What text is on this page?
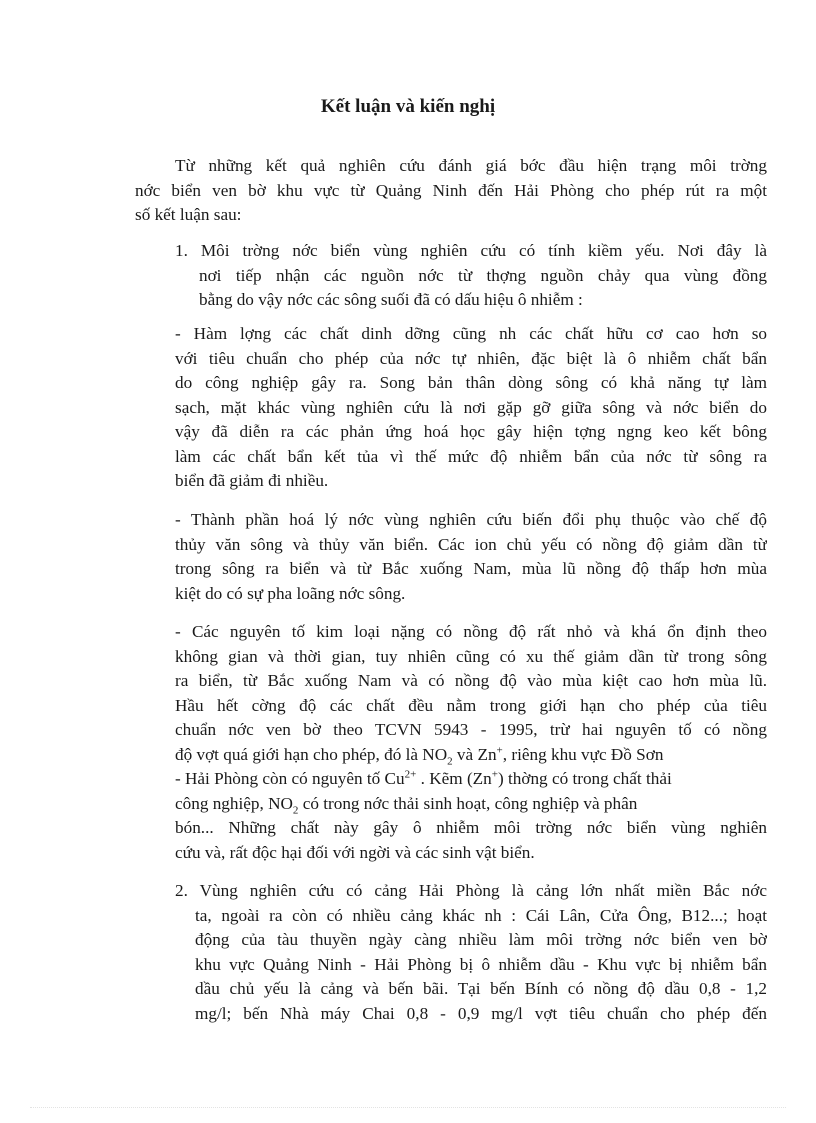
Kết luận và kiến nghị
Từ những kết quả nghiên cứu đánh giá bớc đầu hiện trạng môi trờng
nớc biển ven bờ khu vực từ Quảng Ninh đến Hải Phòng cho phép rút ra một
số kết luận sau:
1. Môi trờng nớc biển vùng nghiên cứu có tính kiềm yếu. Nơi đây là
nơi tiếp nhận các nguồn nớc từ thợng nguồn chảy qua vùng đồng
bằng do vậy nớc các sông suối đã có dấu hiệu ô nhiễm :
- Hàm lợng các chất dinh dỡng cũng nh các chất hữu cơ cao hơn so
với tiêu chuẩn cho phép của nớc tự nhiên, đặc biệt là ô nhiễm chất bẩn
do công nghiệp gây ra. Song bản thân dòng sông có khả năng tự làm
sạch, mặt khác vùng nghiên cứu là nơi gặp gỡ giữa sông và nớc biển do
vậy đã diễn ra các phản ứng hoá học gây hiện tợng ngng keo kết bông
làm các chất bẩn kết tủa vì thế mức độ nhiễm bẩn của nớc từ sông ra
biển đã giảm đi nhiều.
- Thành phần hoá lý nớc vùng nghiên cứu biến đổi phụ thuộc vào chế độ
thủy văn sông và thủy văn biển. Các ion chủ yếu có nồng độ giảm dần từ
trong sông ra biển và từ Bắc xuống Nam, mùa lũ nồng độ thấp hơn mùa
kiệt do có sự pha loãng nớc sông.
- Các nguyên tố kim loại nặng có nồng độ rất nhỏ và khá ổn định theo
không gian và thời gian, tuy nhiên cũng có xu thế giảm dần từ trong sông
ra biển, từ Bắc xuống Nam và có nồng độ vào mùa kiệt cao hơn mùa lũ.
Hầu hết cờng độ các chất đều nằm trong giới hạn cho phép của tiêu
chuẩn nớc ven bờ theo TCVN 5943 - 1995, trừ hai nguyên tố có nồng
độ vợt quá giới hạn cho phép, đó là $NO_2$ và Zn+, riêng khu vực Đồ Sơn
- Hải Phòng còn có nguyên tố $Cu^{2+}$ . Kẽm (Zn+) thờng có trong chất thải
công nghiệp, $NO_2$ có trong nớc thải sinh hoạt, công nghiệp và phân
bón... Những chất này gây ô nhiễm môi trờng nớc biển vùng nghiên
cứu và, rất độc hại đối với ngời và các sinh vật biển.
2. Vùng nghiên cứu có cảng Hải Phòng là cảng lớn nhất miền Bắc nớc
ta, ngoài ra còn có nhiều cảng khác nh : Cái Lân, Cửa Ông, B12...; hoạt
động của tàu thuyền ngày càng nhiều làm môi trờng nớc biển ven bờ
khu vực Quảng Ninh - Hải Phòng bị ô nhiễm dầu - Khu vực bị nhiễm bẩn
dầu chủ yếu là cảng và bến bãi. Tại bến Bính có nồng độ dầu 0,8 - 1,2
mg/l; bến Nhà máy Chai 0,8 - 0,9 mg/l vợt tiêu chuẩn cho phép đến
